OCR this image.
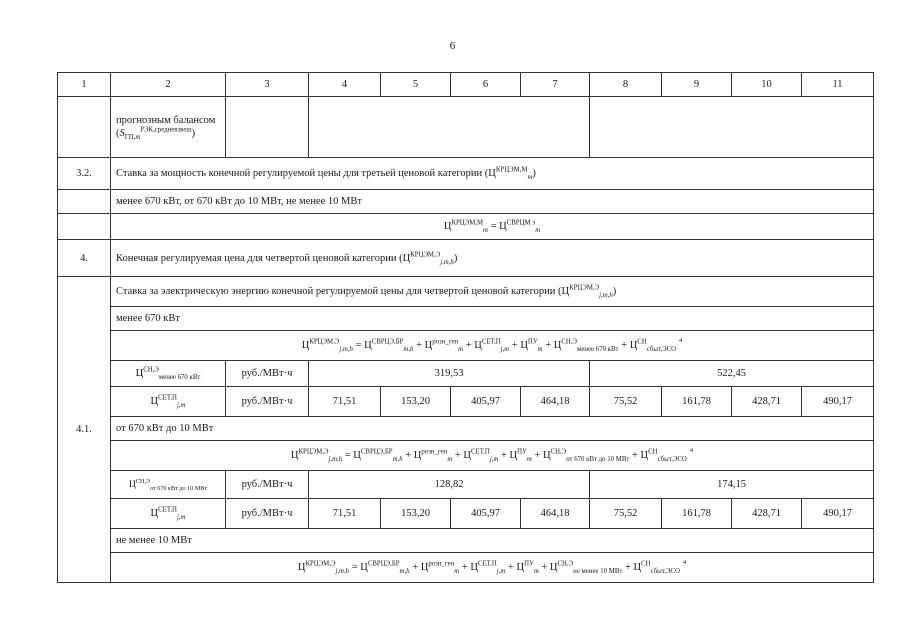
6
1	2	3	4	5	6	7	8	9	10	11
	прогнозным балансом
$(S_{ГП,m}^{РЭК,средневзвеш})$									
3.2.	Ставка за мощность конечной регулируемой цены для третьей ценовой категории $(Ц^{КРЦЭМ,М}_m)$									
	менее 670 кВт, от 670 кВт до 10 МВт, не менее 10 МВт									
	$Ц^{КРЦЭМ,М}_m = Ц^{СВРЦМ э}_m$
4.	Конечная регулируемая цена для четвертой ценовой категории $(Ц^{КРЦЭМ,Э}_{j,m,h})$									
4.1.	Ставка за электрическую энергию конечной регулируемой цены для четвертой ценовой категории $(Ц^{КРЦЭМ,Э}_{j,m,h})$									
	менее 670 кВт									
	$Ц^{КРЦЭМ,Э}_{j,m,h} = Ц^{СВРЦЭ,БР}_{m,h} + Ц^{розн\_ген}_m + Ц^{СЕТ,П}_{j,m} + Ц^{ПУ}_m + Ц^{СН,Э}_{менее 670 кВт} + Ц^{СН}_{сбыт,ЭСО}^4$
	$Ц^{СН,Э}_{менее 670 кВт}$	руб./МВт·ч	319,53				522,45			
	$Ц^{СЕТ,П}_{j,m}$	руб./МВт·ч	71,51	153,20	405,97	464,18	75,52	161,78	428,71	490,17
	от 670 кВт до 10 МВт									
	$Ц^{КРЦЭМ,Э}_{j,m,h} = Ц^{СВРЦЭ,БР}_{m,h} + Ц^{розн\_ген}_m + Ц^{СЕТ,П}_{j,m} + Ц^{ПУ}_m + Ц^{СН,Э}_{от 670 кВт до 10 МВт} + Ц^{СН}_{сбыт,ЭСО}^4$
	$Ц^{СН,Э}_{от 670 кВт до 10 МВт}$	руб./МВт·ч	128,82				174,15			
	$Ц^{СЕТ,П}_{j,m}$	руб./МВт·ч	71,51	153,20	405,97	464,18	75,52	161,78	428,71	490,17
	не менее 10 МВт									
	$Ц^{КРЦЭМ,Э}_{j,m,h} = Ц^{СВРЦЭ,БР}_{m,h} + Ц^{розн\_ген}_m + Ц^{СЕТ,П}_{j,m} + Ц^{ПУ}_m + Ц^{СН,Э}_{не менее 10 МВт} + Ц^{СН}_{сбыт,ЭСО}^4$
